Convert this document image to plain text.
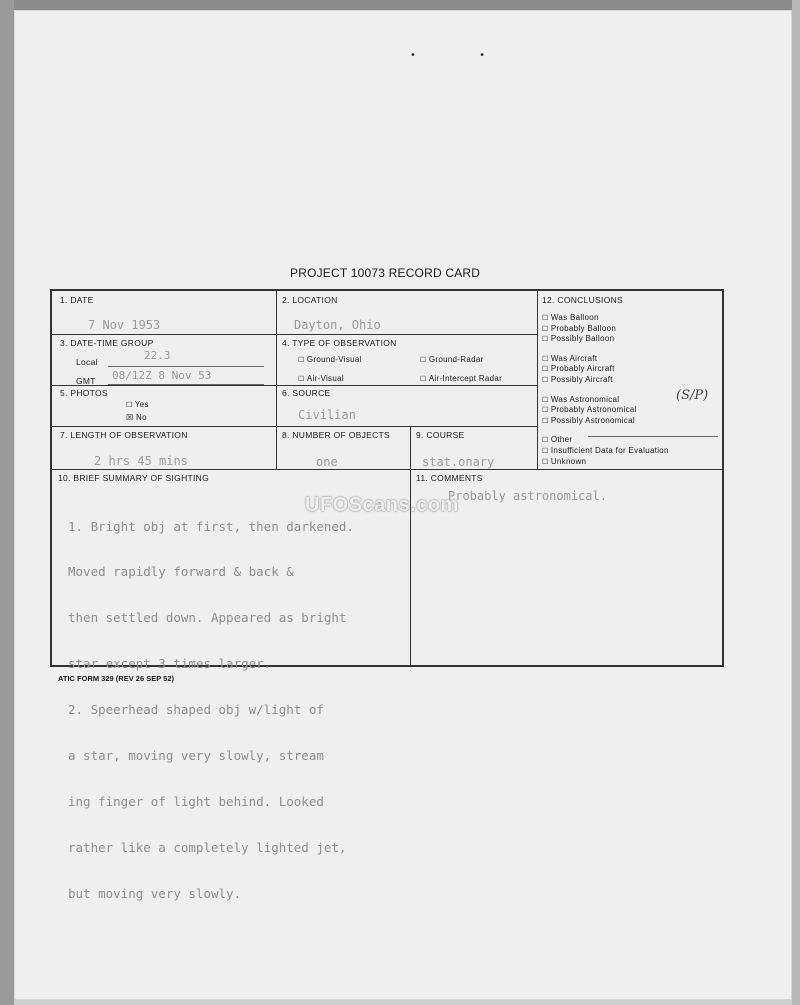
• •
PROJECT 10073 RECORD CARD
1. DATE
7 Nov 1953
2. LOCATION
Dayton, Ohio
3. DATE-TIME GROUP
Local	22.3
GMT 08/12Z 8 Nov 53
4. TYPE OF OBSERVATION
☐ Ground-Visual	☐ Ground-Radar
☐ Air-Visual	☐ Air-Intercept Radar
5. PHOTOS
☐ Yes
☒ No
6. SOURCE
Civilian
7. LENGTH OF OBSERVATION
2 hrs 45 mins
8. NUMBER OF OBJECTS
one
9. COURSE
stat.onary
10. BRIEF SUMMARY OF SIGHTING

1. Bright obj at first, then darkened.

Moved rapidly forward & back &

then settled down. Appeared as bright

star except 3 times larger.

2. Speerhead shaped obj w/light of

a star, moving very slowly, stream

ing finger of light behind. Looked

rather like a completely lighted jet,

but moving very slowly.

11. COMMENTS
Probably astronomical.
12. CONCLUSIONS
☐ Was Balloon
☐ Probably Balloon
☐ Possibly Balloon
☐ Was Aircraft
☐ Probably Aircraft
☐ Possibly Aircraft
☐ Was Astronomical
☐ Probably Astronomical
☐ Possibly Astronomical
☐ Other
☐ Insufficient Data for Evaluation
☐ Unknown
(S/P)
UFOScans.com
ATIC FORM 329 (REV 26 SEP 52)
